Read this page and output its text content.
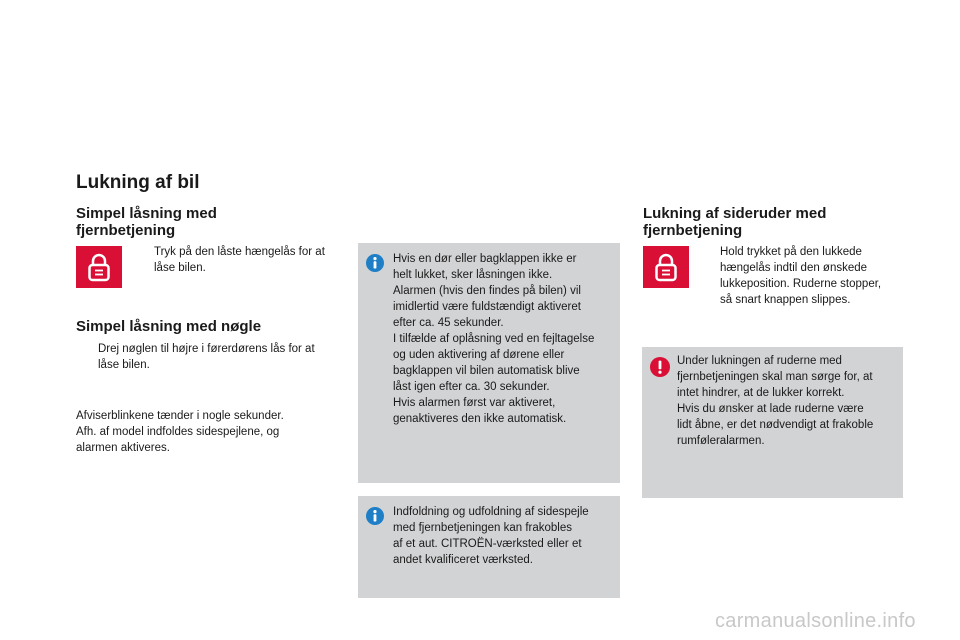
Lukning af bil
Simpel låsning med
fjernbetjening

Tryk på den låste hængelås for at
låse bilen.

Simpel låsning med nøgle

Drej nøglen til højre i førerdørens lås for at
låse bilen.

Afviserblinkene tænder i nogle sekunder.
Afh. af model indfoldes sidespejlene, og
alarmen aktiveres.

Hvis en dør eller bagklappen ikke er
helt lukket, sker låsningen ikke.
Alarmen (hvis den findes på bilen) vil
imidlertid være fuldstændigt aktiveret
efter ca. 45 sekunder.
I tilfælde af oplåsning ved en fejltagelse
og uden aktivering af dørene eller
bagklappen vil bilen automatisk blive
låst igen efter ca. 30 sekunder.
Hvis alarmen først var aktiveret,
genaktiveres den ikke automatisk.

Indfoldning og udfoldning af sidespejle
med fjernbetjeningen kan frakobles
af et aut. CITROËN-værksted eller et
andet kvalificeret værksted.

Lukning af sideruder med
fjernbetjening

Hold trykket på den lukkede
hængelås indtil den ønskede
lukkeposition. Ruderne stopper,
så snart knappen slippes.

Under lukningen af ruderne med
fjernbetjeningen skal man sørge for, at
intet hindrer, at de lukker korrekt.
Hvis du ønsker at lade ruderne være
lidt åbne, er det nødvendigt at frakoble
rumføleralarmen.

carmanualsonline.info
